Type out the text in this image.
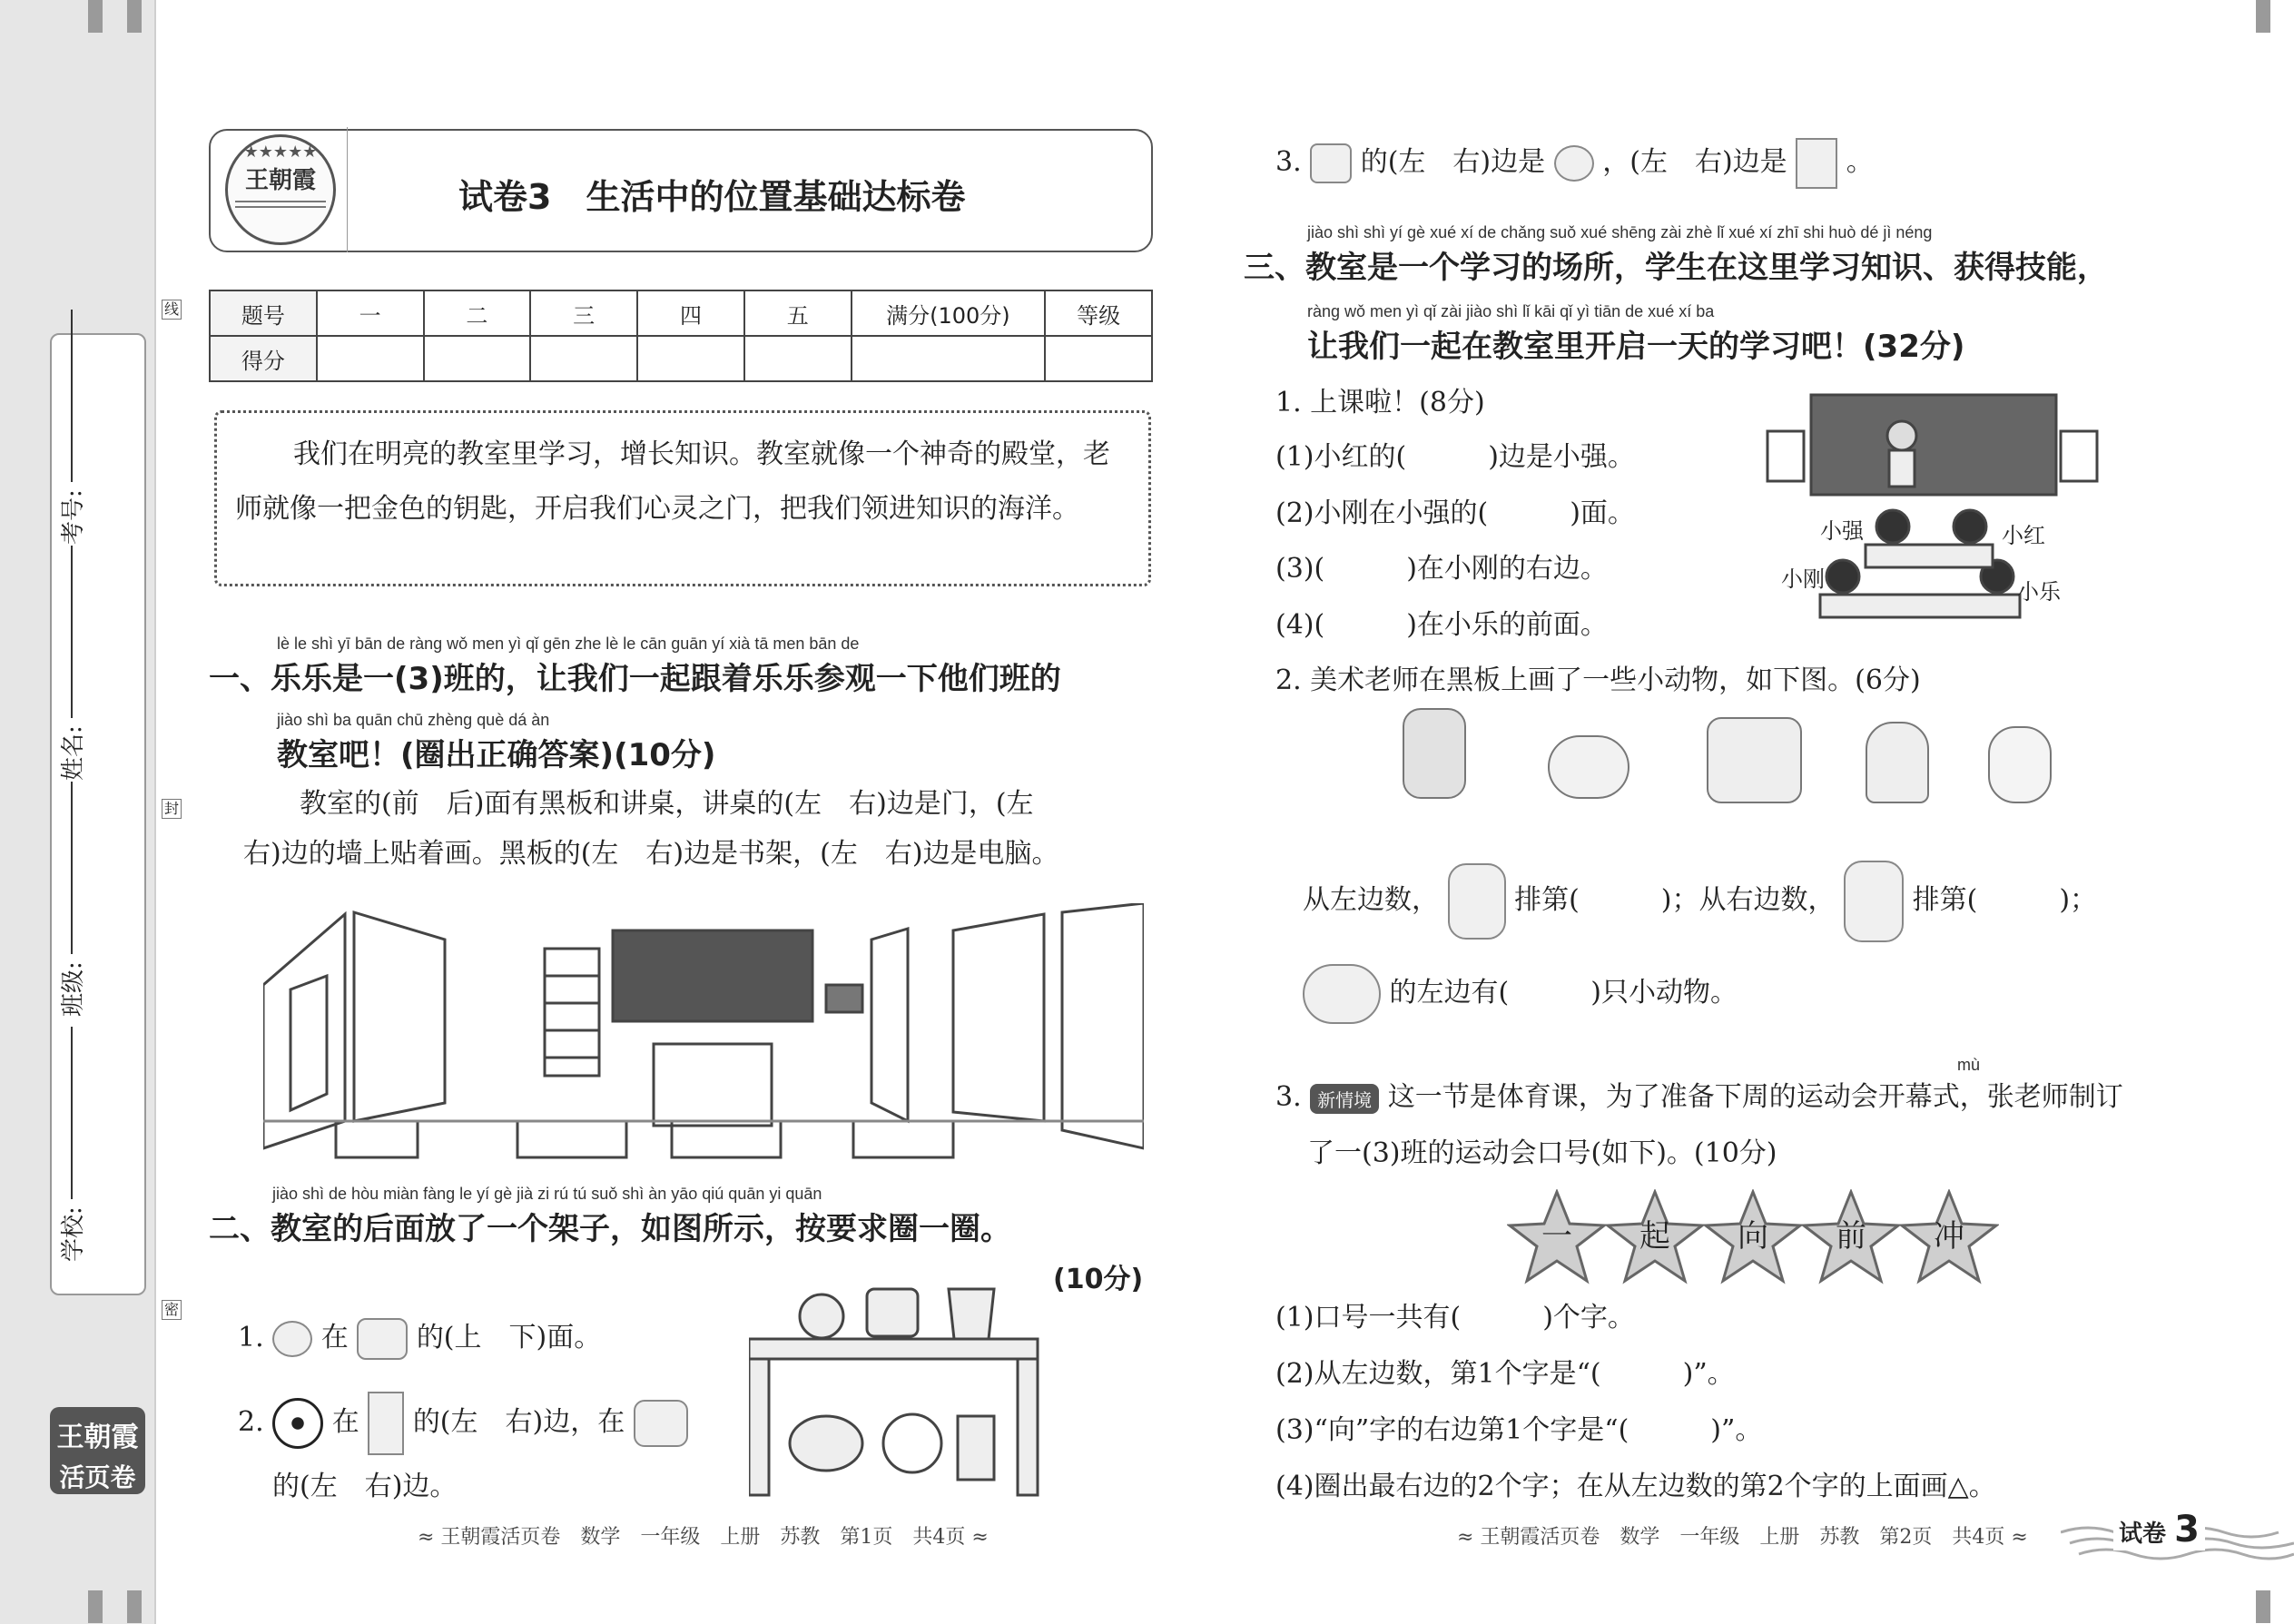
学校:
班级:
姓名:
考号:
线
封
密
王朝霞
活页卷
★★★★★
王朝霞	试卷3　生活中的位置基础达标卷
题号	一	二	三	四	五	满分(100分)	等级
得分							
我们在明亮的教室里学习，增长知识。教室就像一个神奇的殿堂，老师就像一把金色的钥匙，开启我们心灵之门，把我们领进知识的海洋。
lè le shì yī bān de ràng wǒ men yì qǐ gēn zhe lè le cān guān yí xià tā men bān de
一、乐乐是一(3)班的，让我们一起跟着乐乐参观一下他们班的
jiào shì ba quān chū zhèng què dá àn
教室吧！(圈出正确答案)(10分)
教室的(前　后)面有黑板和讲桌，讲桌的(左　右)边是门，(左
右)边的墙上贴着画。黑板的(左　右)边是书架，(左　右)边是电脑。
jiào shì de hòu miàn fàng le yí gè jià zi rú tú suǒ shì àn yāo qiú quān yi quān
二、教室的后面放了一个架子，如图所示，按要求圈一圈。
(10分)
1. 在	的(上　下)面。
2.	在 的(左　右)边，在
的(左　右)边。
≈ 王朝霞活页卷　数学　一年级　上册　苏教　第1页　共4页 ≈
3. 的(左　右)边是 ，(左　右)边是 。
jiào shì shì yí gè xué xí de chǎng suǒ xué shēng zài zhè lǐ xué xí zhī shi huò dé jì néng
三、教室是一个学习的场所，学生在这里学习知识、获得技能，
ràng wǒ men yì qǐ zài jiào shì lǐ kāi qǐ yì tiān de xué xí ba
让我们一起在教室里开启一天的学习吧！(32分)
1. 上课啦！(8分)
(1)小红的(　　　)边是小强。
(2)小刚在小强的(　　　)面。
(3)(　　　)在小刚的右边。
(4)(　　　)在小乐的前面。
小强	小红
小刚	小乐
2. 美术老师在黑板上画了一些小动物，如下图。(6分)
从左边数，	排第(　　　)；从右边数，	排第(　　　)；
的左边有(　　　)只小动物。
mù
3. 新情境 这一节是体育课，为了准备下周的运动会开幕式，张老师制订
了一(3)班的运动会口号(如下)。(10分)
一	起	向	前	冲
(1)口号一共有(　　　)个字。
(2)从左边数，第1个字是“(　　　)”。
(3)“向”字的右边第1个字是“(　　　)”。
(4)圈出最右边的2个字；在从左边数的第2个字的上面画△。
≈ 王朝霞活页卷　数学　一年级　上册　苏教　第2页　共4页 ≈	试卷 3
